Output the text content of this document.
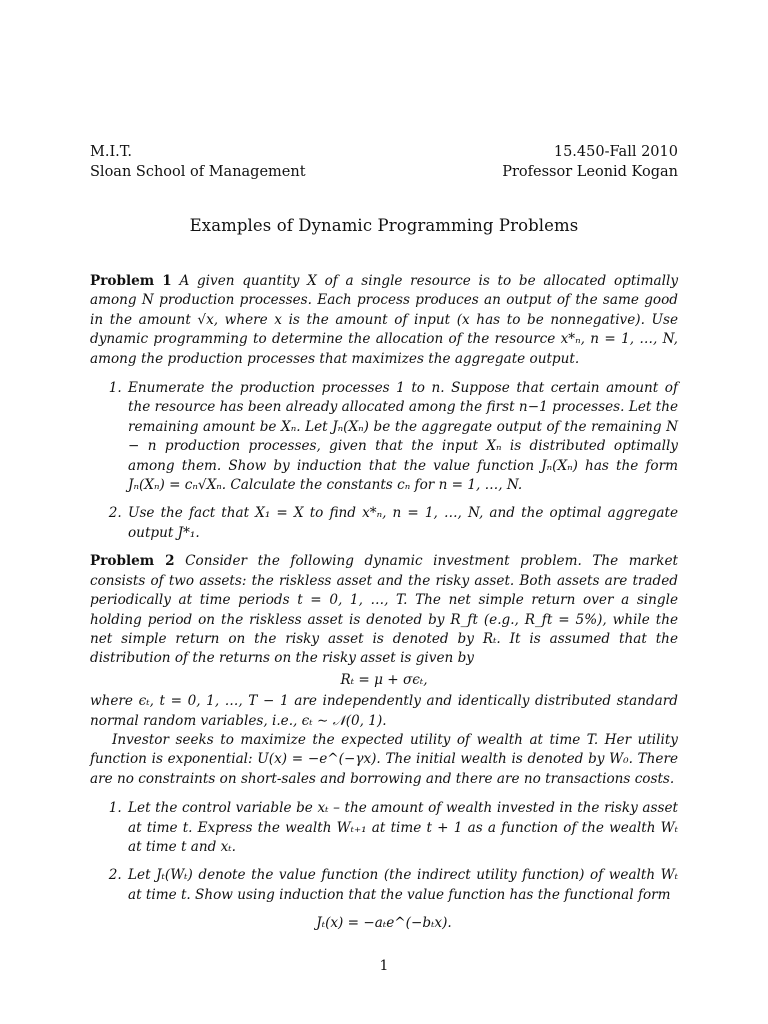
M.I.T.
Sloan School of Management
15.450-Fall 2010
Professor Leonid Kogan
Examples of Dynamic Programming Problems

Problem 1 A given quantity X of a single resource is to be allocated optimally among N production processes. Each process produces an output of the same good in the amount √x, where x is the amount of input (x has to be nonnegative). Use dynamic programming to determine the allocation of the resource x*ₙ, n = 1, …, N, among the production processes that maximizes the aggregate output.

1. Enumerate the production processes 1 to n. Suppose that certain amount of the resource has been already allocated among the first n−1 processes. Let the remaining amount be Xₙ. Let Jₙ(Xₙ) be the aggregate output of the remaining N − n production processes, given that the input Xₙ is distributed optimally among them. Show by induction that the value function Jₙ(Xₙ) has the form Jₙ(Xₙ) = cₙ√Xₙ. Calculate the constants cₙ for n = 1, …, N.
2. Use the fact that X₁ = X to find x*ₙ, n = 1, …, N, and the optimal aggregate output J*₁.

Problem 2 Consider the following dynamic investment problem. The market consists of two assets: the riskless asset and the risky asset. Both assets are traded periodically at time periods t = 0, 1, …, T. The net simple return over a single holding period on the riskless asset is denoted by R_ft (e.g., R_ft = 5%), while the net simple return on the risky asset is denoted by Rₜ. It is assumed that the distribution of the returns on the risky asset is given by

Rₜ = μ + σϵₜ,

where ϵₜ, t = 0, 1, …, T − 1 are independently and identically distributed standard normal random variables, i.e., ϵₜ ∼ 𝒩(0, 1).

Investor seeks to maximize the expected utility of wealth at time T. Her utility function is exponential: U(x) = −e^(−γx). The initial wealth is denoted by W₀. There are no constraints on short-sales and borrowing and there are no transactions costs.

1. Let the control variable be xₜ – the amount of wealth invested in the risky asset at time t. Express the wealth Wₜ₊₁ at time t + 1 as a function of the wealth Wₜ at time t and xₜ.
2. Let Jₜ(Wₜ) denote the value function (the indirect utility function) of wealth Wₜ at time t. Show using induction that the value function has the functional form
Jₜ(x) = −aₜe^(−bₜx).
1
